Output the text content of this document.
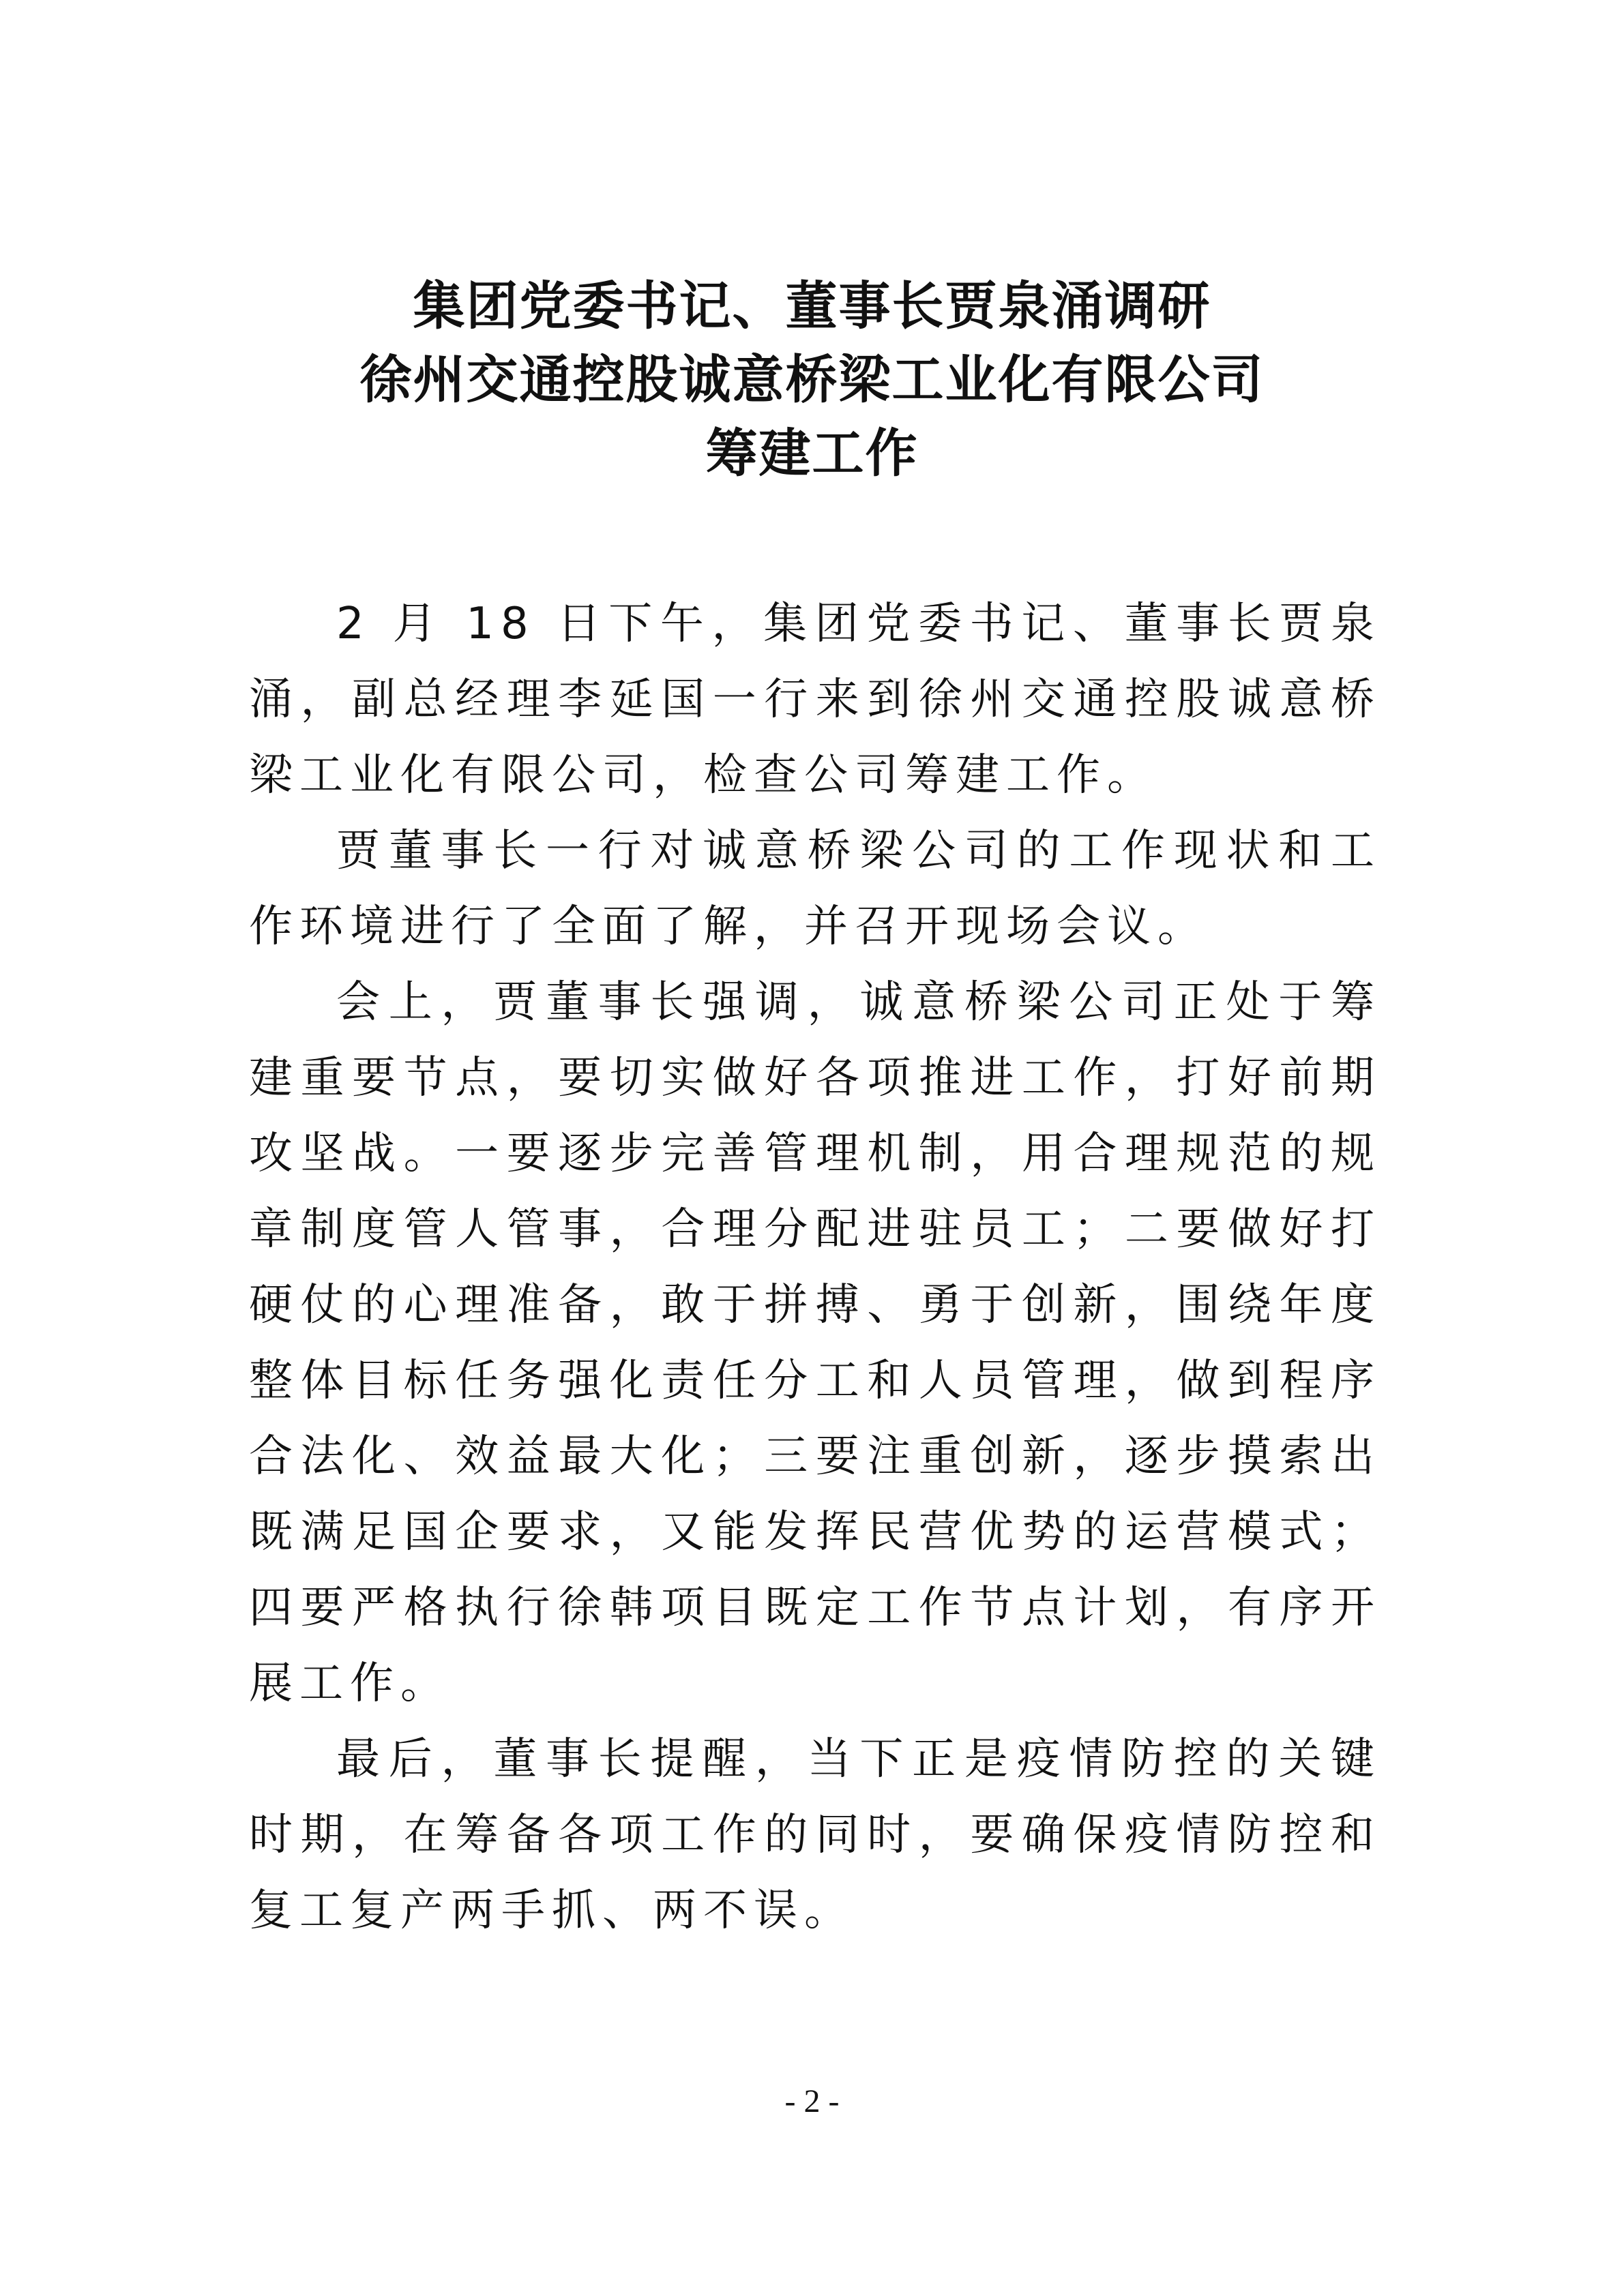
集团党委书记、董事长贾泉涌调研
徐州交通控股诚意桥梁工业化有限公司
筹建工作

2 月 18 日下午，集团党委书记、董事长贾泉涌，副总经理李延国一行来到徐州交通控股诚意桥梁工业化有限公司，检查公司筹建工作。

贾董事长一行对诚意桥梁公司的工作现状和工作环境进行了全面了解，并召开现场会议。

会上，贾董事长强调，诚意桥梁公司正处于筹建重要节点，要切实做好各项推进工作，打好前期攻坚战。一要逐步完善管理机制，用合理规范的规章制度管人管事，合理分配进驻员工；二要做好打硬仗的心理准备，敢于拼搏、勇于创新，围绕年度整体目标任务强化责任分工和人员管理，做到程序合法化、效益最大化；三要注重创新，逐步摸索出既满足国企要求，又能发挥民营优势的运营模式；四要严格执行徐韩项目既定工作节点计划，有序开展工作。

最后，董事长提醒，当下正是疫情防控的关键时期，在筹备各项工作的同时，要确保疫情防控和复工复产两手抓、两不误。

- 2 -
